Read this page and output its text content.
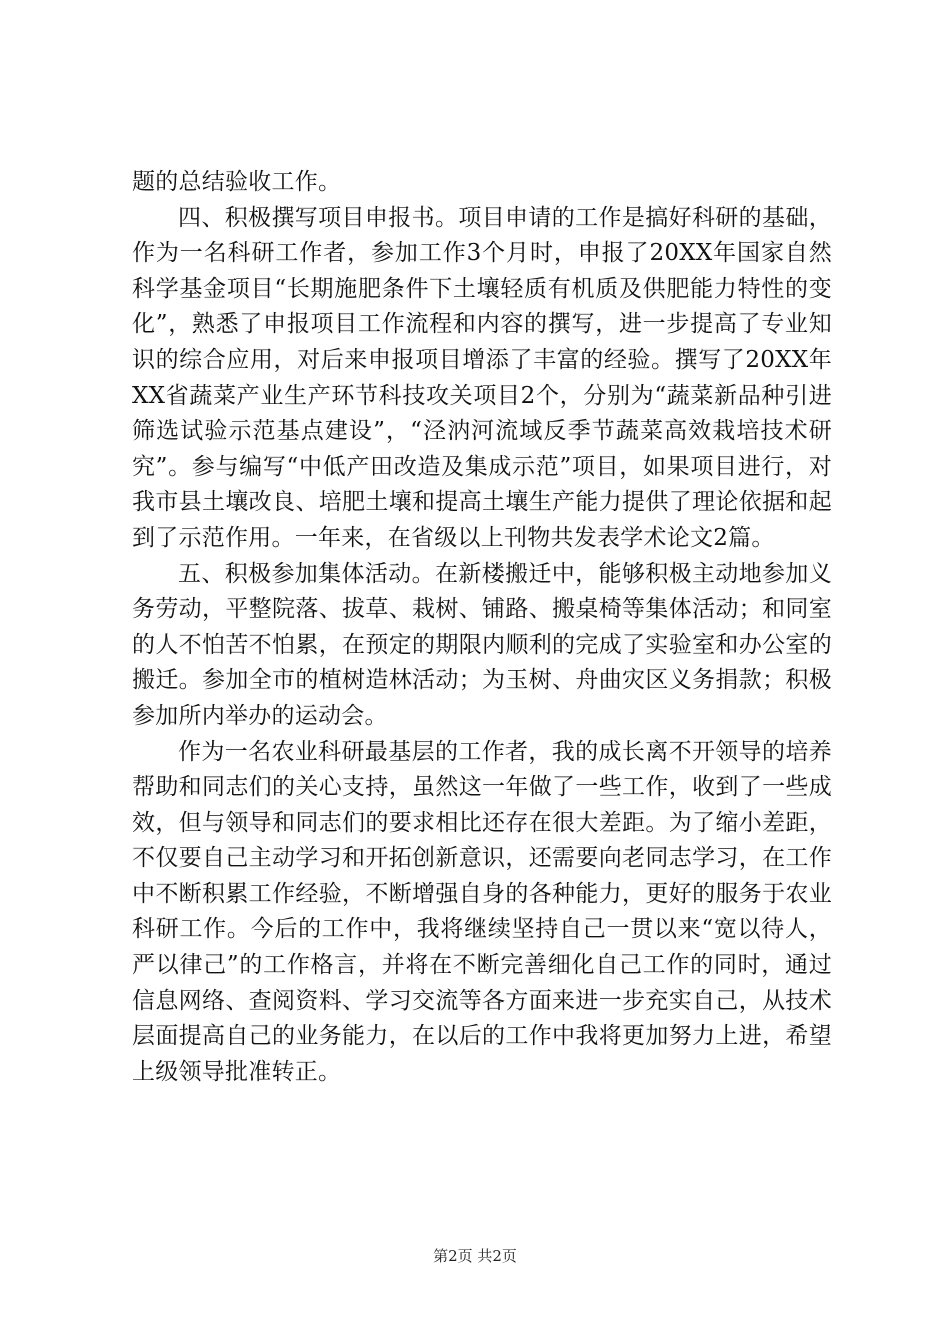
题的总结验收工作。

四、积极撰写项目申报书。项目申请的工作是搞好科研的基础，作为一名科研工作者，参加工作3个月时，申报了20XX年国家自然科学基金项目“长期施肥条件下土壤轻质有机质及供肥能力特性的变化”，熟悉了申报项目工作流程和内容的撰写，进一步提高了专业知识的综合应用，对后来申报项目增添了丰富的经验。撰写了20XX年XX省蔬菜产业生产环节科技攻关项目2个，分别为“蔬菜新品种引进筛选试验示范基点建设”，“泾汭河流域反季节蔬菜高效栽培技术研究”。参与编写“中低产田改造及集成示范”项目，如果项目进行，对我市县土壤改良、培肥土壤和提高土壤生产能力提供了理论依据和起到了示范作用。一年来，在省级以上刊物共发表学术论文2篇。

五、积极参加集体活动。在新楼搬迁中，能够积极主动地参加义务劳动，平整院落、拔草、栽树、铺路、搬桌椅等集体活动；和同室的人不怕苦不怕累，在预定的期限内顺利的完成了实验室和办公室的搬迁。参加全市的植树造林活动；为玉树、舟曲灾区义务捐款；积极参加所内举办的运动会。

作为一名农业科研最基层的工作者，我的成长离不开领导的培养帮助和同志们的关心支持，虽然这一年做了一些工作，收到了一些成效，但与领导和同志们的要求相比还存在很大差距。为了缩小差距，不仅要自己主动学习和开拓创新意识，还需要向老同志学习，在工作中不断积累工作经验，不断增强自身的各种能力，更好的服务于农业科研工作。今后的工作中，我将继续坚持自己一贯以来“宽以待人，严以律己”的工作格言，并将在不断完善细化自己工作的同时，通过信息网络、查阅资料、学习交流等各方面来进一步充实自己，从技术层面提高自己的业务能力，在以后的工作中我将更加努力上进，希望上级领导批准转正。

第2页 共2页
